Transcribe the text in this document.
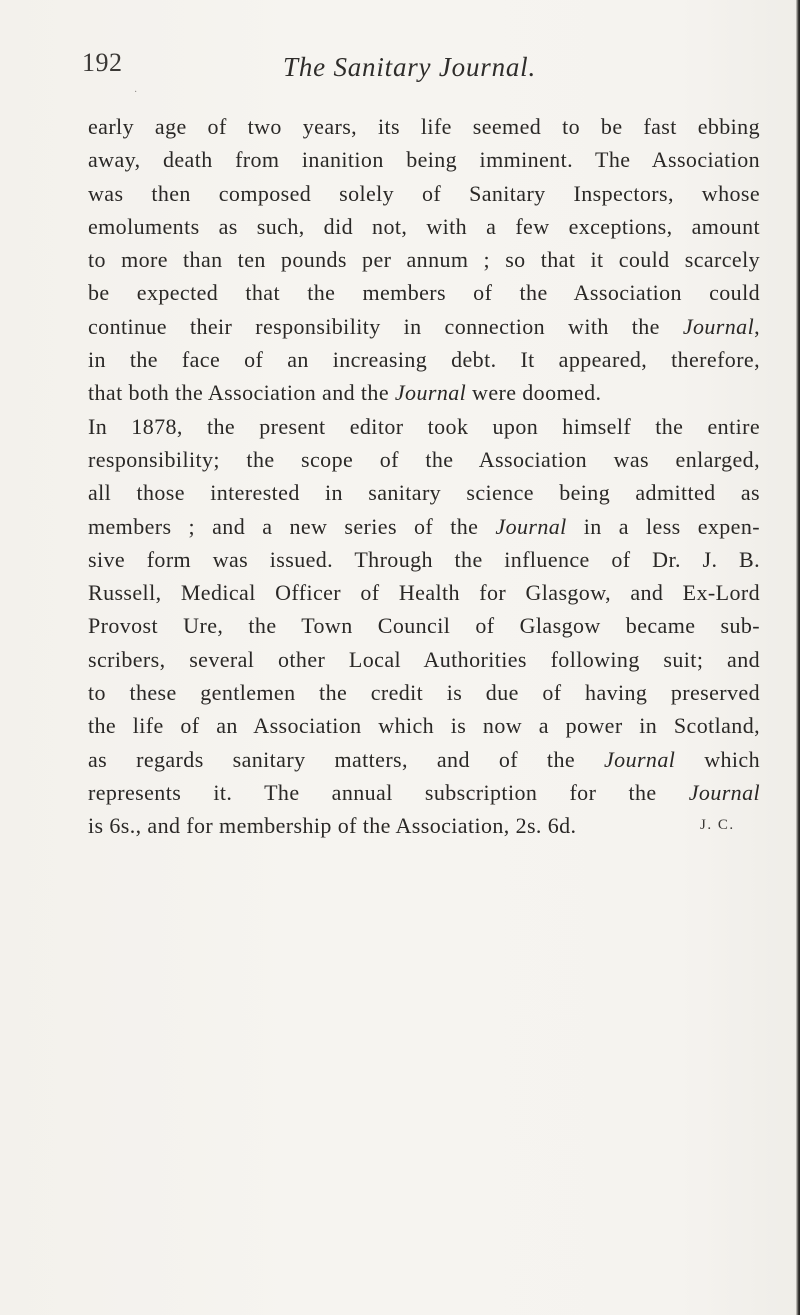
192	The Sanitary Journal.
·
early age of two years, its life seemed to be fast ebbing
away, death from inanition being imminent. The Association
was then composed solely of Sanitary Inspectors, whose
emoluments as such, did not, with a few exceptions, amount
to more than ten pounds per annum ; so that it could scarcely
be expected that the members of the Association could
continue their responsibility in connection with the Journal,
in the face of an increasing debt. It appeared, therefore,
that both the Association and the Journal were doomed.
In 1878, the present editor took upon himself the entire
responsibility; the scope of the Association was enlarged,
all those interested in sanitary science being admitted as
members ; and a new series of the Journal in a less expen-
sive form was issued. Through the influence of Dr. J. B.
Russell, Medical Officer of Health for Glasgow, and Ex-Lord
Provost Ure, the Town Council of Glasgow became sub-
scribers, several other Local Authorities following suit; and
to these gentlemen the credit is due of having preserved
the life of an Association which is now a power in Scotland,
as regards sanitary matters, and of the Journal which
represents it. The annual subscription for the Journal
is 6s., and for membership of the Association, 2s. 6d.	J. C.
